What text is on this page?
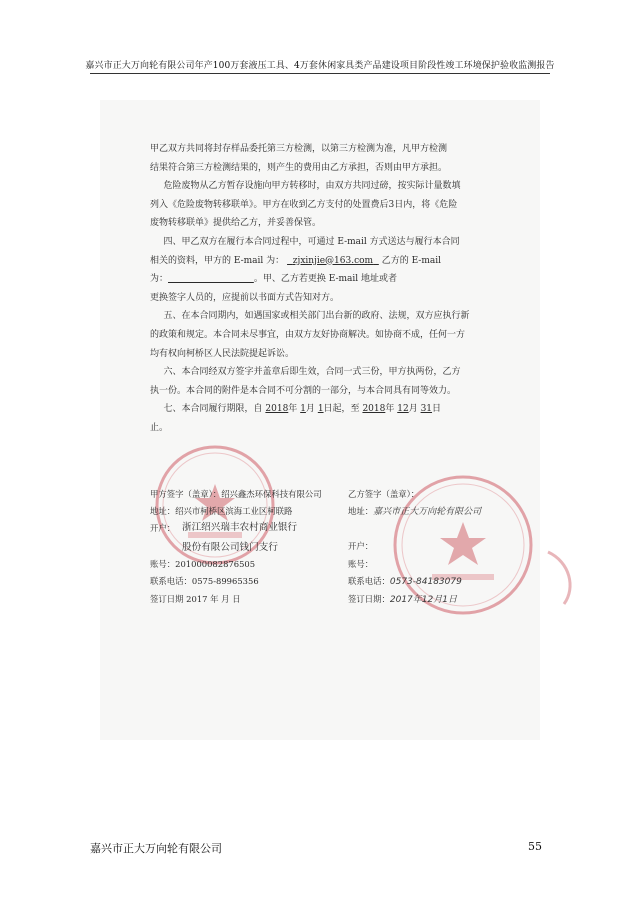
嘉兴市正大万向轮有限公司年产100万套液压工具、4万套休闲家具类产品建设项目阶段性竣工环境保护验收监测报告

甲乙双方共同将封存样品委托第三方检测，以第三方检测为准，凡甲方检测

结果符合第三方检测结果的，则产生的费用由乙方承担，否则由甲方承担。

危险废物从乙方暂存设施向甲方转移时，由双方共同过磅，按实际计量数填

列入《危险废物转移联单》。甲方在收到乙方支付的处置费后3日内，将《危险

废物转移联单》提供给乙方，并妥善保管。

四、甲乙双方在履行本合同过程中，可通过 E-mail 方式送达与履行本合同

相关的资料，甲方的 E-mail 为： zjxinjie@163.com 乙方的 E-mail

为：	。甲、乙方若更换 E-mail 地址或者

更换签字人员的，应提前以书面方式告知对方。

五、在本合同期内，如遇国家或相关部门出台新的政府、法规，双方应执行新

的政策和规定。本合同未尽事宜，由双方友好协商解决。如协商不成，任何一方

均有权向柯桥区人民法院提起诉讼。

六、本合同经双方签字并盖章后即生效，合同一式三份，甲方执两份，乙方

执一份。本合同的附件是本合同不可分割的一部分，与本合同具有同等效力。

七、本合同履行期限，自 2018年 1月 1日起，至 2018年 12月 31日

止。

甲方签字（盖章）：绍兴鑫杰环保科技有限公司
地址：绍兴市柯桥区滨海工业区柯联路
开户： 浙江绍兴瑞丰农村商业银行
股份有限公司钱门支行
账号：201000082876505
联系电话：0575-89965356
签订日期 2017 年 月 日
乙方签字（盖章）：
地址：嘉兴市正大万向轮有限公司
开户：
账号：
联系电话：0573-84183079
签订日期：2017年12月1日
嘉兴市正大万向轮有限公司	55
